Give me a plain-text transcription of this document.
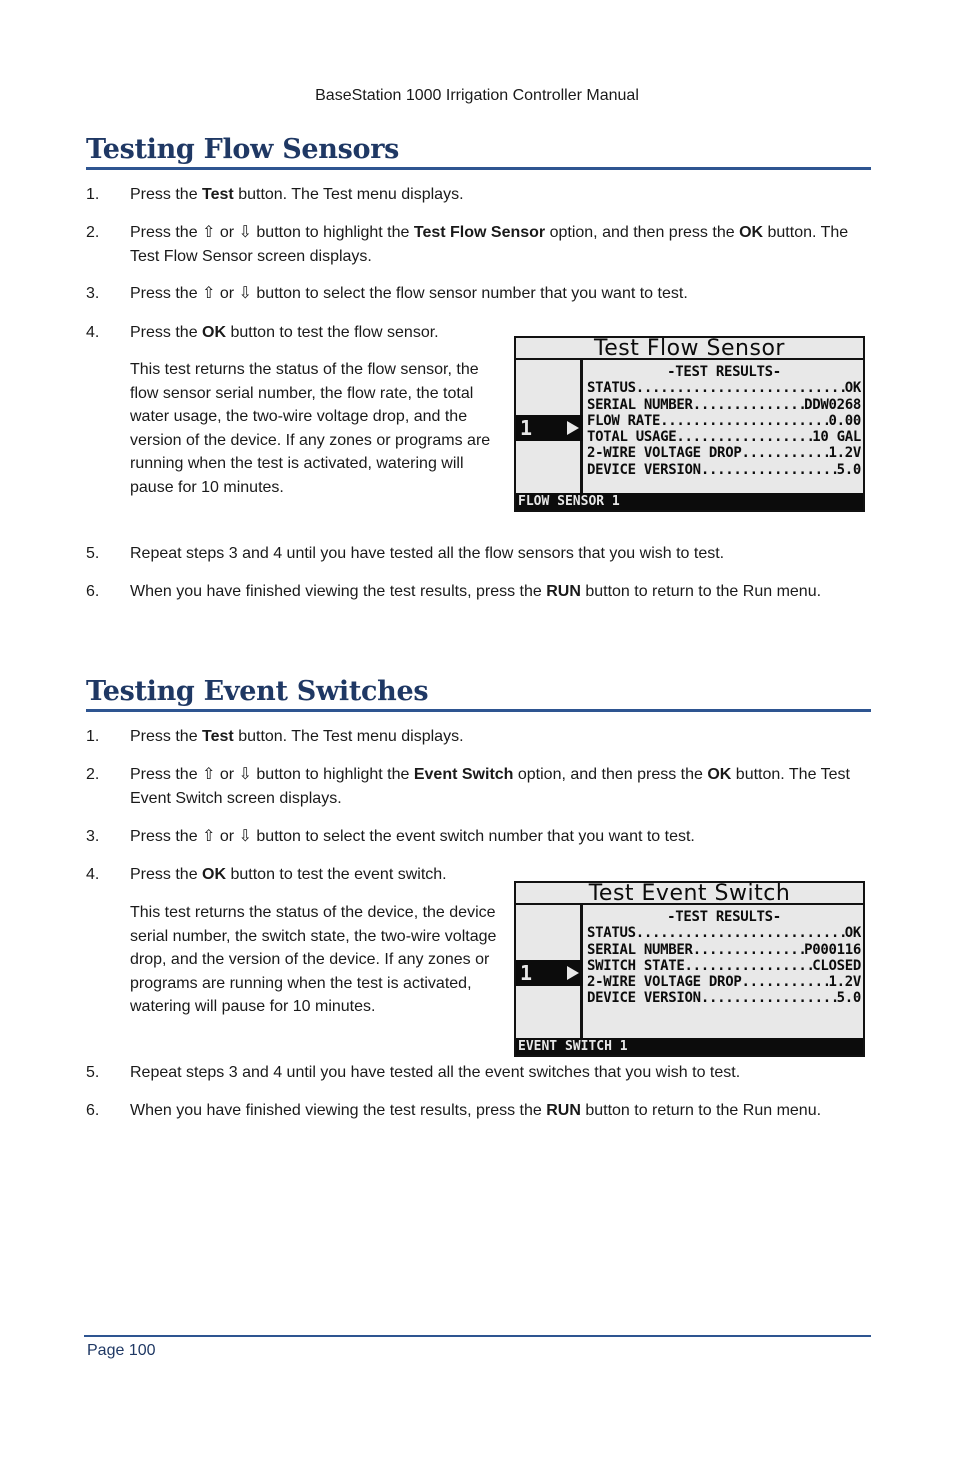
BaseStation 1000 Irrigation Controller Manual
Testing Flow Sensors
1.	Press the Test button. The Test menu displays.
2.	Press the ⇧ or ⇩ button to highlight the Test Flow Sensor option, and then press the OK button. The Test Flow Sensor screen displays.
3.	Press the ⇧ or ⇩ button to select the flow sensor number that you want to test.
4.	Press the OK button to test the flow sensor.
This test returns the status of the flow sensor, the flow sensor serial number, the flow rate, the total water usage, the two-wire voltage drop, and the version of the device. If any zones or programs are running when the test is activated, watering will pause for 10 minutes.
Test Flow Sensor
1
-TEST RESULTS-
STATUS .....	OK
SERIAL NUMBER .....	DDW0268
FLOW RATE .....	0.00
TOTAL USAGE .....	10 GAL
2-WIRE VOLTAGE DROP .....	1.2V
DEVICE VERSION .....	5.0
FLOW SENSOR 1
5.	Repeat steps 3 and 4 until you have tested all the flow sensors that you wish to test.
6.	When you have finished viewing the test results, press the RUN button to return to the Run menu.
Testing Event Switches
1.	Press the Test button. The Test menu displays.
2.	Press the ⇧ or ⇩ button to highlight the Event Switch option, and then press the OK button. The Test Event Switch screen displays.
3.	Press the ⇧ or ⇩ button to select the event switch number that you want to test.
4.	Press the OK button to test the event switch.
This test returns the status of the device, the device serial number, the switch state, the two-wire voltage drop, and the version of the device. If any zones or programs are running when the test is activated, watering will pause for 10 minutes.
Test Event Switch
1
-TEST RESULTS-
STATUS .....	OK
SERIAL NUMBER .....	P000116
SWITCH STATE .....	CLOSED
2-WIRE VOLTAGE DROP .....	1.2V
DEVICE VERSION .....	5.0
EVENT SWITCH 1
5.	Repeat steps 3 and 4 until you have tested all the event switches that you wish to test.
6.	When you have finished viewing the test results, press the RUN button to return to the Run menu.
Page 100
